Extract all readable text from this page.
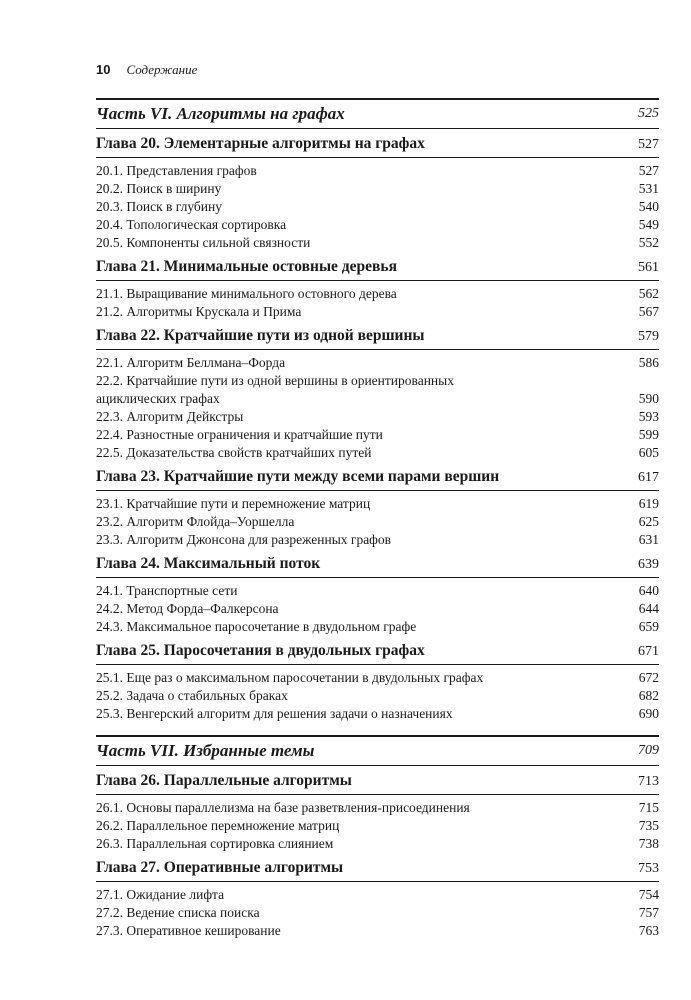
10 Содержание
Часть VI. Алгоритмы на графах	525
Глава 20. Элементарные алгоритмы на графах	527
20.1. Представления графов	527
20.2. Поиск в ширину	531
20.3. Поиск в глубину	540
20.4. Топологическая сортировка	549
20.5. Компоненты сильной связности	552
Глава 21. Минимальные остовные деревья	561
21.1. Выращивание минимального остовного дерева	562
21.2. Алгоритмы Крускала и Прима	567
Глава 22. Кратчайшие пути из одной вершины	579
22.1. Алгоритм Беллмана–Форда	586
22.2. Кратчайшие пути из одной вершины в ориентированных ациклических графах	590
22.3. Алгоритм Дейкстры	593
22.4. Разностные ограничения и кратчайшие пути	599
22.5. Доказательства свойств кратчайших путей	605
Глава 23. Кратчайшие пути между всеми парами вершин	617
23.1. Кратчайшие пути и перемножение матриц	619
23.2. Алгоритм Флойда–Уоршелла	625
23.3. Алгоритм Джонсона для разреженных графов	631
Глава 24. Максимальный поток	639
24.1. Транспортные сети	640
24.2. Метод Форда–Фалкерсона	644
24.3. Максимальное паросочетание в двудольном графе	659
Глава 25. Паросочетания в двудольных графах	671
25.1. Еще раз о максимальном паросочетании в двудольных графах	672
25.2. Задача о стабильных браках	682
25.3. Венгерский алгоритм для решения задачи о назначениях	690
Часть VII. Избранные темы	709
Глава 26. Параллельные алгоритмы	713
26.1. Основы параллелизма на базе разветвления-присоединения	715
26.2. Параллельное перемножение матриц	735
26.3. Параллельная сортировка слиянием	738
Глава 27. Оперативные алгоритмы	753
27.1. Ожидание лифта	754
27.2. Ведение списка поиска	757
27.3. Оперативное кеширование	763
